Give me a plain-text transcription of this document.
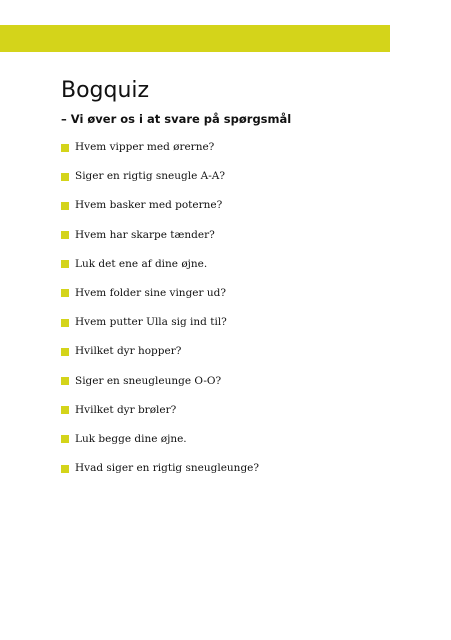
Bogquiz

– Vi øver os i at svare på spørgsmål

Hvem vipper med ørerne?
Siger en rigtig sneugle A-A?
Hvem basker med poterne?
Hvem har skarpe tænder?
Luk det ene af dine øjne.
Hvem folder sine vinger ud?
Hvem putter Ulla sig ind til?
Hvilket dyr hopper?
Siger en sneugleunge O-O?
Hvilket dyr brøler?
Luk begge dine øjne.
Hvad siger en rigtig sneugleunge?
